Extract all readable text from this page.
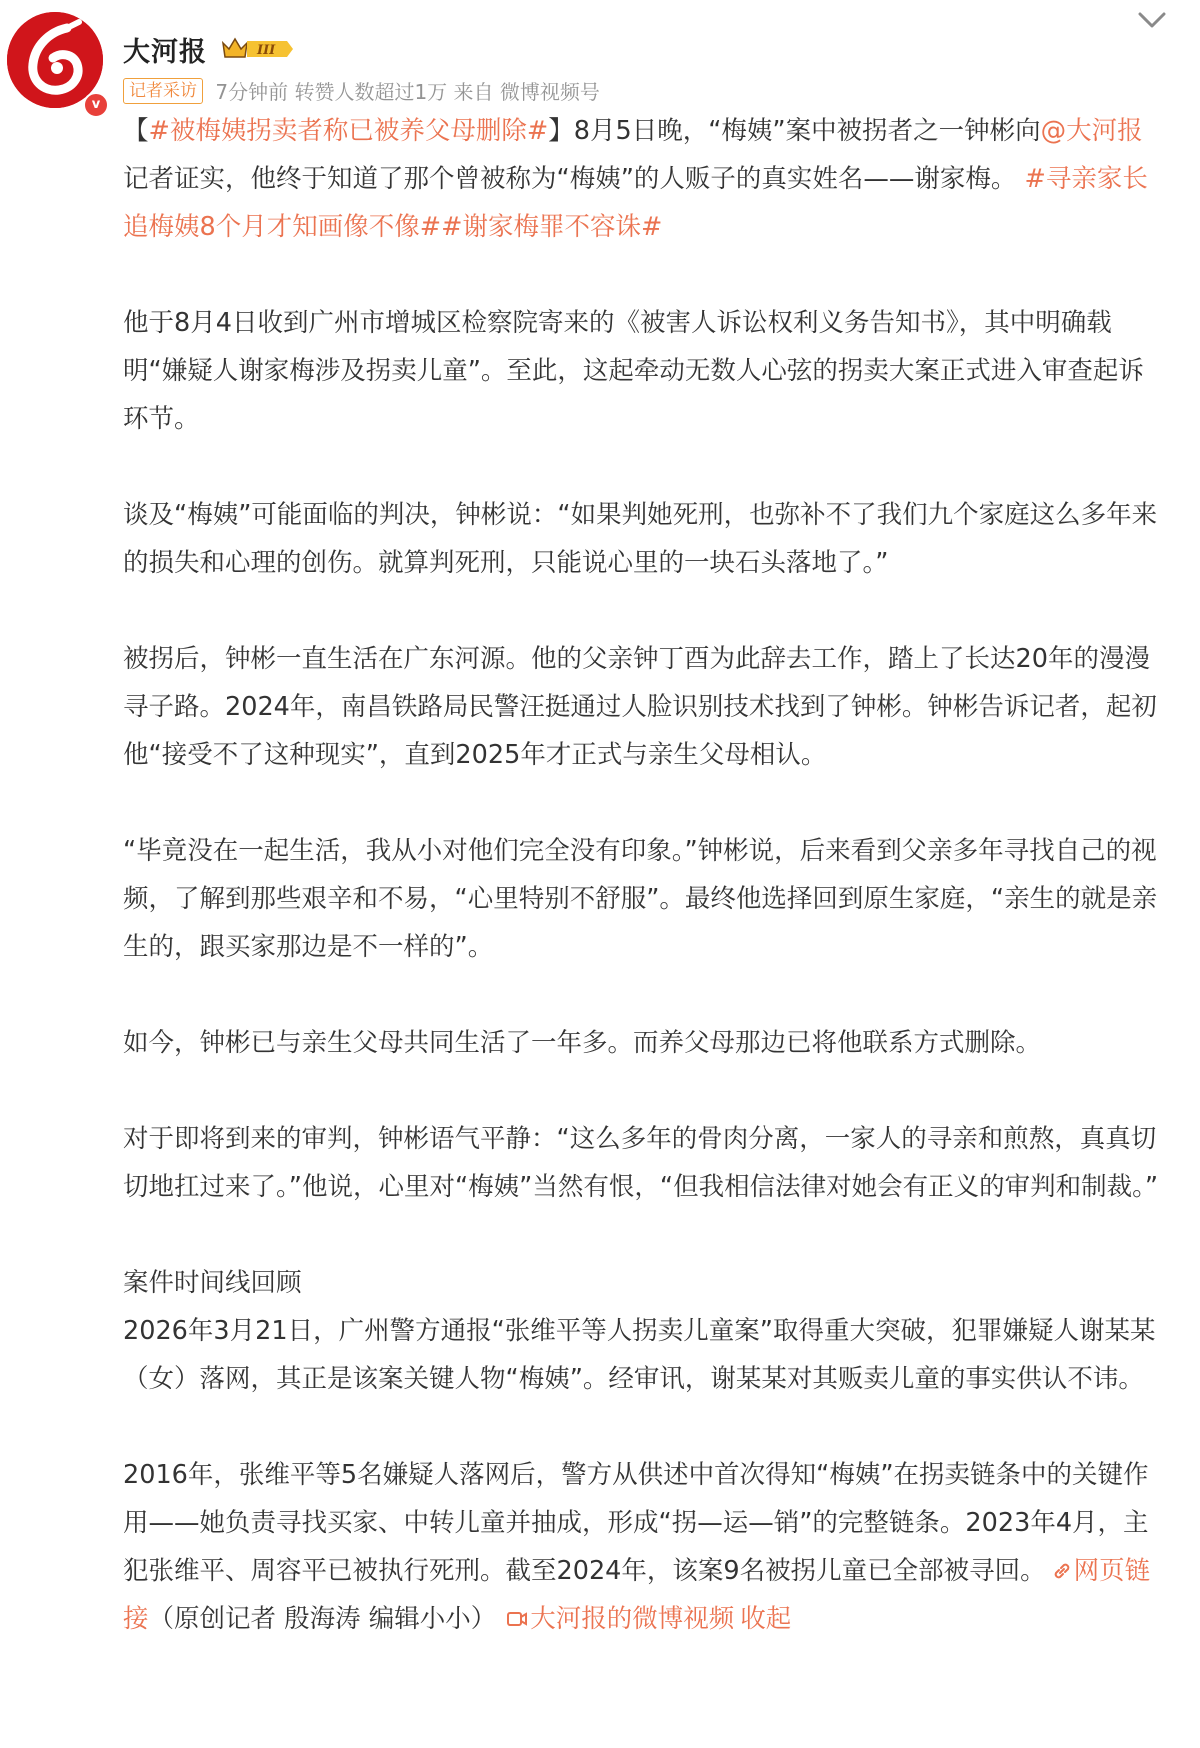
v
大河报	III
记者采访 7分钟前 转赞人数超过1万 来自 微博视频号

【#被梅姨拐卖者称已被养父母删除#】8月5日晚，“梅姨”案中被拐者之一钟彬向@大河报 记者证实，他终于知道了那个曾被称为“梅姨”的人贩子的真实姓名——谢家梅。 #寻亲家长追梅姨8个月才知画像不像##谢家梅罪不容诛#

他于8月4日收到广州市增城区检察院寄来的《被害人诉讼权利义务告知书》，其中明确载明“嫌疑人谢家梅涉及拐卖儿童”。至此，这起牵动无数人心弦的拐卖大案正式进入审查起诉环节。

谈及“梅姨”可能面临的判决，钟彬说：“如果判她死刑，也弥补不了我们九个家庭这么多年来的损失和心理的创伤。就算判死刑，只能说心里的一块石头落地了。”

被拐后，钟彬一直生活在广东河源。他的父亲钟丁酉为此辞去工作，踏上了长达20年的漫漫寻子路。2024年，南昌铁路局民警汪挺通过人脸识别技术找到了钟彬。钟彬告诉记者，起初他“接受不了这种现实”，直到2025年才正式与亲生父母相认。

“毕竟没在一起生活，我从小对他们完全没有印象。”钟彬说，后来看到父亲多年寻找自己的视频，了解到那些艰辛和不易，“心里特别不舒服”。最终他选择回到原生家庭，“亲生的就是亲生的，跟买家那边是不一样的”。

如今，钟彬已与亲生父母共同生活了一年多。而养父母那边已将他联系方式删除。

对于即将到来的审判，钟彬语气平静：“这么多年的骨肉分离，一家人的寻亲和煎熬，真真切切地扛过来了。”他说，心里对“梅姨”当然有恨，“但我相信法律对她会有正义的审判和制裁。”

案件时间线回顾

2026年3月21日，广州警方通报“张维平等人拐卖儿童案”取得重大突破，犯罪嫌疑人谢某某（女）落网，其正是该案关键人物“梅姨”。经审讯，谢某某对其贩卖儿童的事实供认不讳。

2016年，张维平等5名嫌疑人落网后，警方从供述中首次得知“梅姨”在拐卖链条中的关键作用——她负责寻找买家、中转儿童并抽成，形成“拐—运—销”的完整链条。2023年4月，主犯张维平、周容平已被执行死刑。截至2024年，该案9名被拐儿童已全部被寻回。 网页链接（原创记者 殷海涛 编辑小小） 大河报的微博视频 收起
